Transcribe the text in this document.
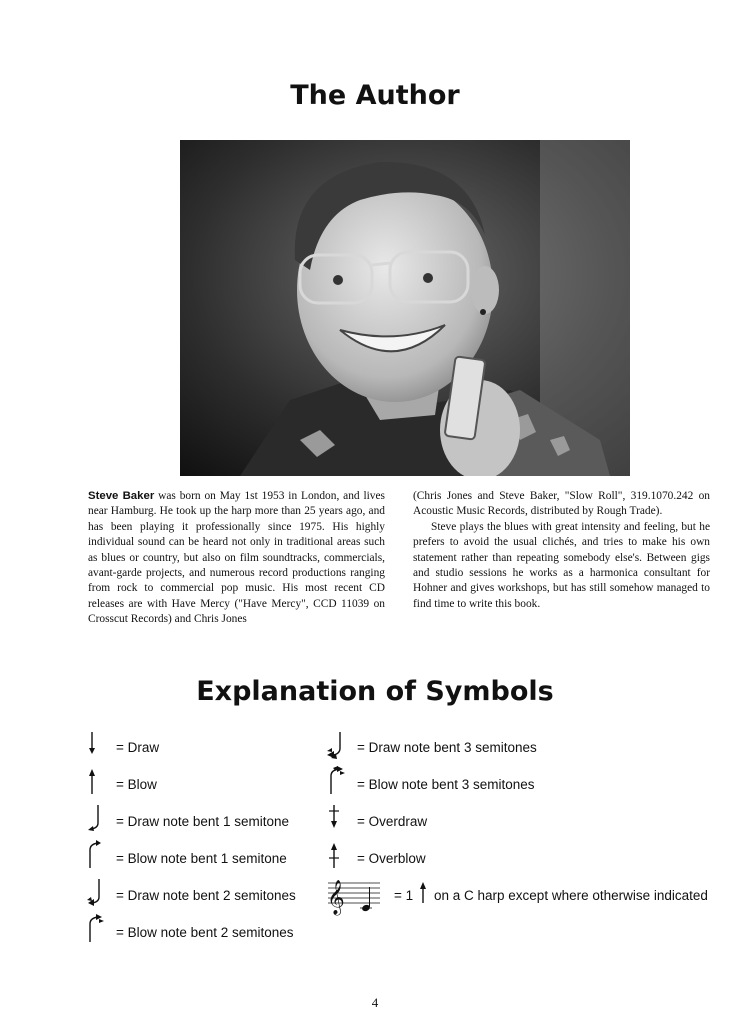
The Author

Steve Baker was born on May 1st 1953 in London, and lives near Hamburg. He took up the harp more than 25 years ago, and has been playing it professionally since 1975. His highly individual sound can be heard not only in traditional areas such as blues or country, but also on film soundtracks, commercials, avant-garde projects, and numerous record productions ranging from rock to commercial pop music. His most recent CD releases are with Have Mercy ("Have Mercy", CCD 11039 on Crosscut Records) and Chris Jones

(Chris Jones and Steve Baker, "Slow Roll", 319.1070.242 on Acoustic Music Records, distributed by Rough Trade).

Steve plays the blues with great intensity and feeling, but he prefers to avoid the usual clichés, and tries to make his own statement rather than repeating somebody else's. Between gigs and studio sessions he works as a harmonica consultant for Hohner and gives workshops, but has still somehow managed to find time to write this book.

Explanation of Symbols
= Draw
= Blow
= Draw note bent 1 semitone
= Blow note bent 1 semitone
= Draw note bent 2 semitones
= Blow note bent 2 semitones
= Draw note bent 3 semitones
= Blow note bent 3 semitones
= Overdraw
= Overblow
𝄞	= 1 on a C harp except where otherwise indicated
4
